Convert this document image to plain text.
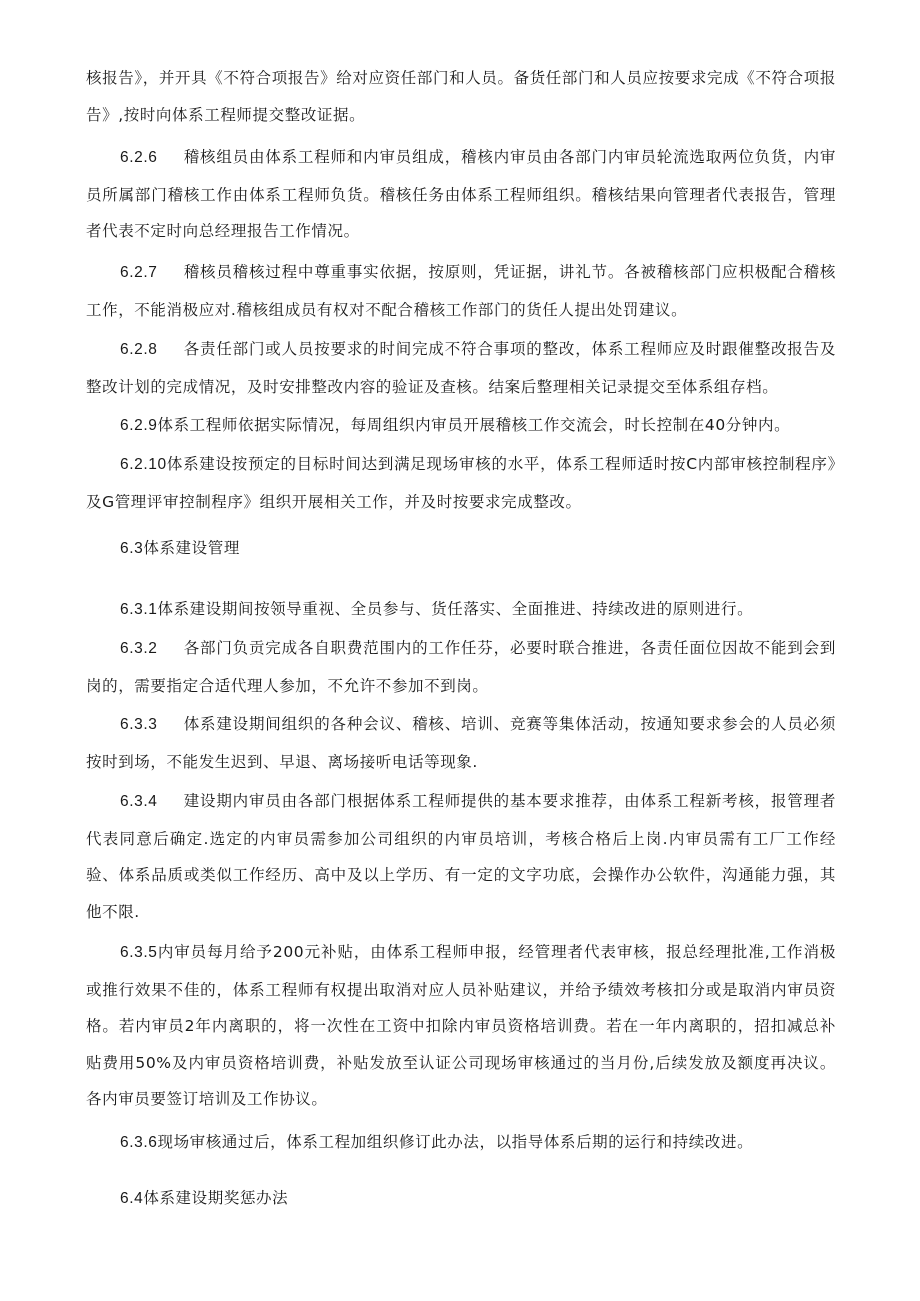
核报告》，并开具《不符合项报告》给对应资任部门和人员。备货任部门和人员应按要求完成《不符合项报告》,按时向体系工程师提交整改证据。
6.2.6 稽核组员由体系工程师和内审员组成，稽核内审员由各部门内审员轮流选取两位负货，内审员所属部门稽核工作由体系工程师负货。稽核任务由体系工程师组织。稽核结果向管理者代表报告，管理者代表不定时向总经理报告工作情况。
6.2.7 稽核员稽核过程中尊重事实依据，按原则，凭证据，讲礼节。各被稽核部门应枳极配合稽核工作，不能消极应对.稽核组成员有权对不配合稽核工作部门的货任人提出处罚建议。
6.2.8 各责任部门或人员按要求的时间完成不符合事项的整改，体系工程师应及时跟催整改报告及整改计划的完成情况，及时安排整改内容的验证及查核。结案后整理相关记录提交至体系组存档。
6.2.9体系工程师依据实际情况，每周组织内审员开展稽核工作交流会，时长控制在40分钟内。
6.2.10体系建设按预定的目标时间达到满足现场审核的水平，体系工程师适时按C内部审核控制程序》及G管理评审控制程序》组织开展相关工作，并及时按要求完成整改。
6.3体系建设管理
6.3.1体系建设期间按领导重视、全员参与、货任落实、全面推进、持续改进的原则进行。
6.3.2 各部门负贡完成各自职费范围内的工作任芬，必要时联合推进，各责任面位因故不能到会到岗的，需要指定合适代理人参加，不允许不参加不到岗。
6.3.3 体系建设期间组织的各种会议、稽核、培训、竞赛等集体活动，按通知要求参会的人员必须按时到场，不能发生迟到、早退、离场接听电话等现象.
6.3.4 建设期内审员由各部门根据体系工程师提供的基本要求推荐，由体系工程新考核，报管理者代表同意后确定.选定的内审员需参加公司组织的内审员培训，考核合格后上岗.内审员需有工厂工作经验、体系品质或类似工作经历、高中及以上学历、有一定的文字功底，会操作办公软件，沟通能力强，其他不限.
6.3.5内审员每月给予200元补贴，由体系工程师申报，经管理者代表审核，报总经理批准,工作消极或推行效果不佳的，体系工程师有权提出取消对应人员补贴建议，并给予绩效考核扣分或是取消内审员资格。若内审员2年内离职的，将一次性在工资中扣除内审员资格培训费。若在一年内离职的，招扣减总补贴费用50%及内审员资格培训费，补贴发放至认证公司现场审核通过的当月份,后续发放及额度再决议。各内审员要签订培训及工作协议。
6.3.6现场审核通过后，体系工程加组织修订此办法，以指导体系后期的运行和持续改进。
6.4体系建设期奖惩办法
